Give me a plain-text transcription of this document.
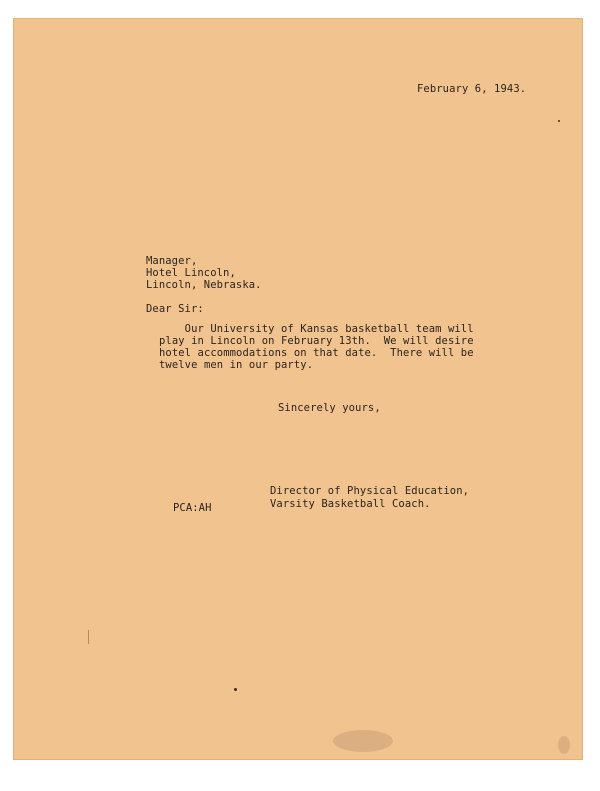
February 6, 1943.
Manager,
Hotel Lincoln,
Lincoln, Nebraska.
Dear Sir:
Our University of Kansas basketball team will
play in Lincoln on February 13th.  We will desire
hotel accommodations on that date.  There will be
twelve men in our party.
Sincerely yours,
PCA:AH
Director of Physical Education,
Varsity Basketball Coach.
